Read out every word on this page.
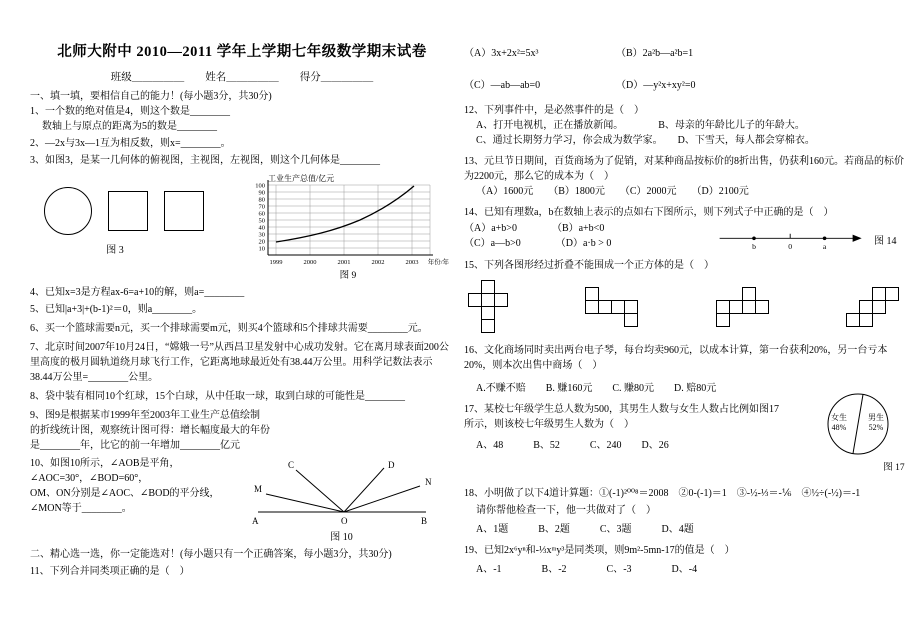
北师大附中 2010—2011 学年上学期七年级数学期末试卷
班级＿＿＿＿＿　　姓名＿＿＿＿＿　　得分＿＿＿＿＿
一、填一填，要相信自己的能力！(每小题3分，共30分)
1、一个数的绝对值是4，则这个数是________
数轴上与原点的距离为5的数是________
2、—2x与3x—1互为相反数，则x=________。
3、如图3，是某一几何体的俯视图，主视图，左视图，则这个几何体是________
图 3
工业生产总值/亿元
100
90
80
70
60
50
40
30
20
10
1999	2000	2001	2002	2003 年份/年
图 9
4、已知x=3是方程ax-6=a+10的解，则a=________
5、已知|a+3|+(b-1)²＝0，则a________。
6、买一个篮球需要n元，买一个排球需要m元，则买4个篮球和5个排球共需要________元。
7、北京时间2007年10月24日，“嫦娥一号”从西昌卫星发射中心成功发射。它在离月球表面200公里高度的极月圆轨道绕月球飞行工作，它距离地球最近处有38.44万公里。用科学记数法表示38.44万公里=________公里。
8、袋中装有相同10个红球，15个白球，从中任取一球，取到白球的可能性是________
9、图9是根据某市1999年至2003年工业生产总值绘制
的折线统计图，观察统计图可得：增长幅度最大的年份
是________年，比它的前一年增加________亿元
10、如图10所示，∠AOB是平角，
∠AOC=30°，∠BOD=60°，
OM、ON分别是∠AOC、∠BOD的平分线，
∠MON等于________。
C
M
D
N
A	O	B
图 10
二、精心选一选，你一定能选对！(每小题只有一个正确答案，每小题3分，共30分)
11、下列合并同类项正确的是（　）
（A）3x+2x²=5x³	（B）2a²b—a²b=1
（C）—ab—ab=0	（D）—y²x+xy²=0
12、下列事件中，是必然事件的是（　）
A、打开电视机，正在播放新闻。　　　　B、母亲的年龄比儿子的年龄大。
C、通过长期努力学习，你会成为数学家。　　D、下雪天，每人都会穿棉衣。
13、元旦节日期间，百货商场为了促销，对某种商品按标价的8折出售，仍获利160元。若商品的标价为2200元，那么它的成本为（　）
（A）1600元　　（B）1800元　　（C）2000元　　（D）2100元
14、已知有理数a，b在数轴上表示的点如右下图所示，则下列式子中正确的是（　）
（A）a+b>0　　　　（B）a+b<0
（C）a—b>0　　　　（D）a·b > 0	b	0	a
图 14
15、下列各图形经过折叠不能围成一个正方体的是（　）
16、文化商场同时卖出两台电子琴，每台均卖960元，以成本计算，第一台获利20%，另一台亏本20%，则本次出售中商场（　）
A.不赚不赔　　B. 赚160元　　C. 赚80元　　D. 赔80元
17、某校七年级学生总人数为500，其男生人数与女生人数占比例如图17所示，则该校七年级男生人数为（　）
A、48　　　B、52　　　C、240　　D、26
女生
48%
男生
52%
图 17
18、小明做了以下4道计算题：①(-1)²⁰⁰⁸＝2008　②0-(-1)＝1　③-½-⅓＝-⅙　④½÷(-½)＝-1
请你帮他检查一下，他一共做对了（　）
A、1题　　　B、2题　　　C、3题　　　D、4题
19、已知2x⁶yⁿ和-⅓xᵐy³是同类项，则9m²-5mn-17的值是（　）
A、-1　　　　B、-2　　　　C、-3　　　　D、-4
